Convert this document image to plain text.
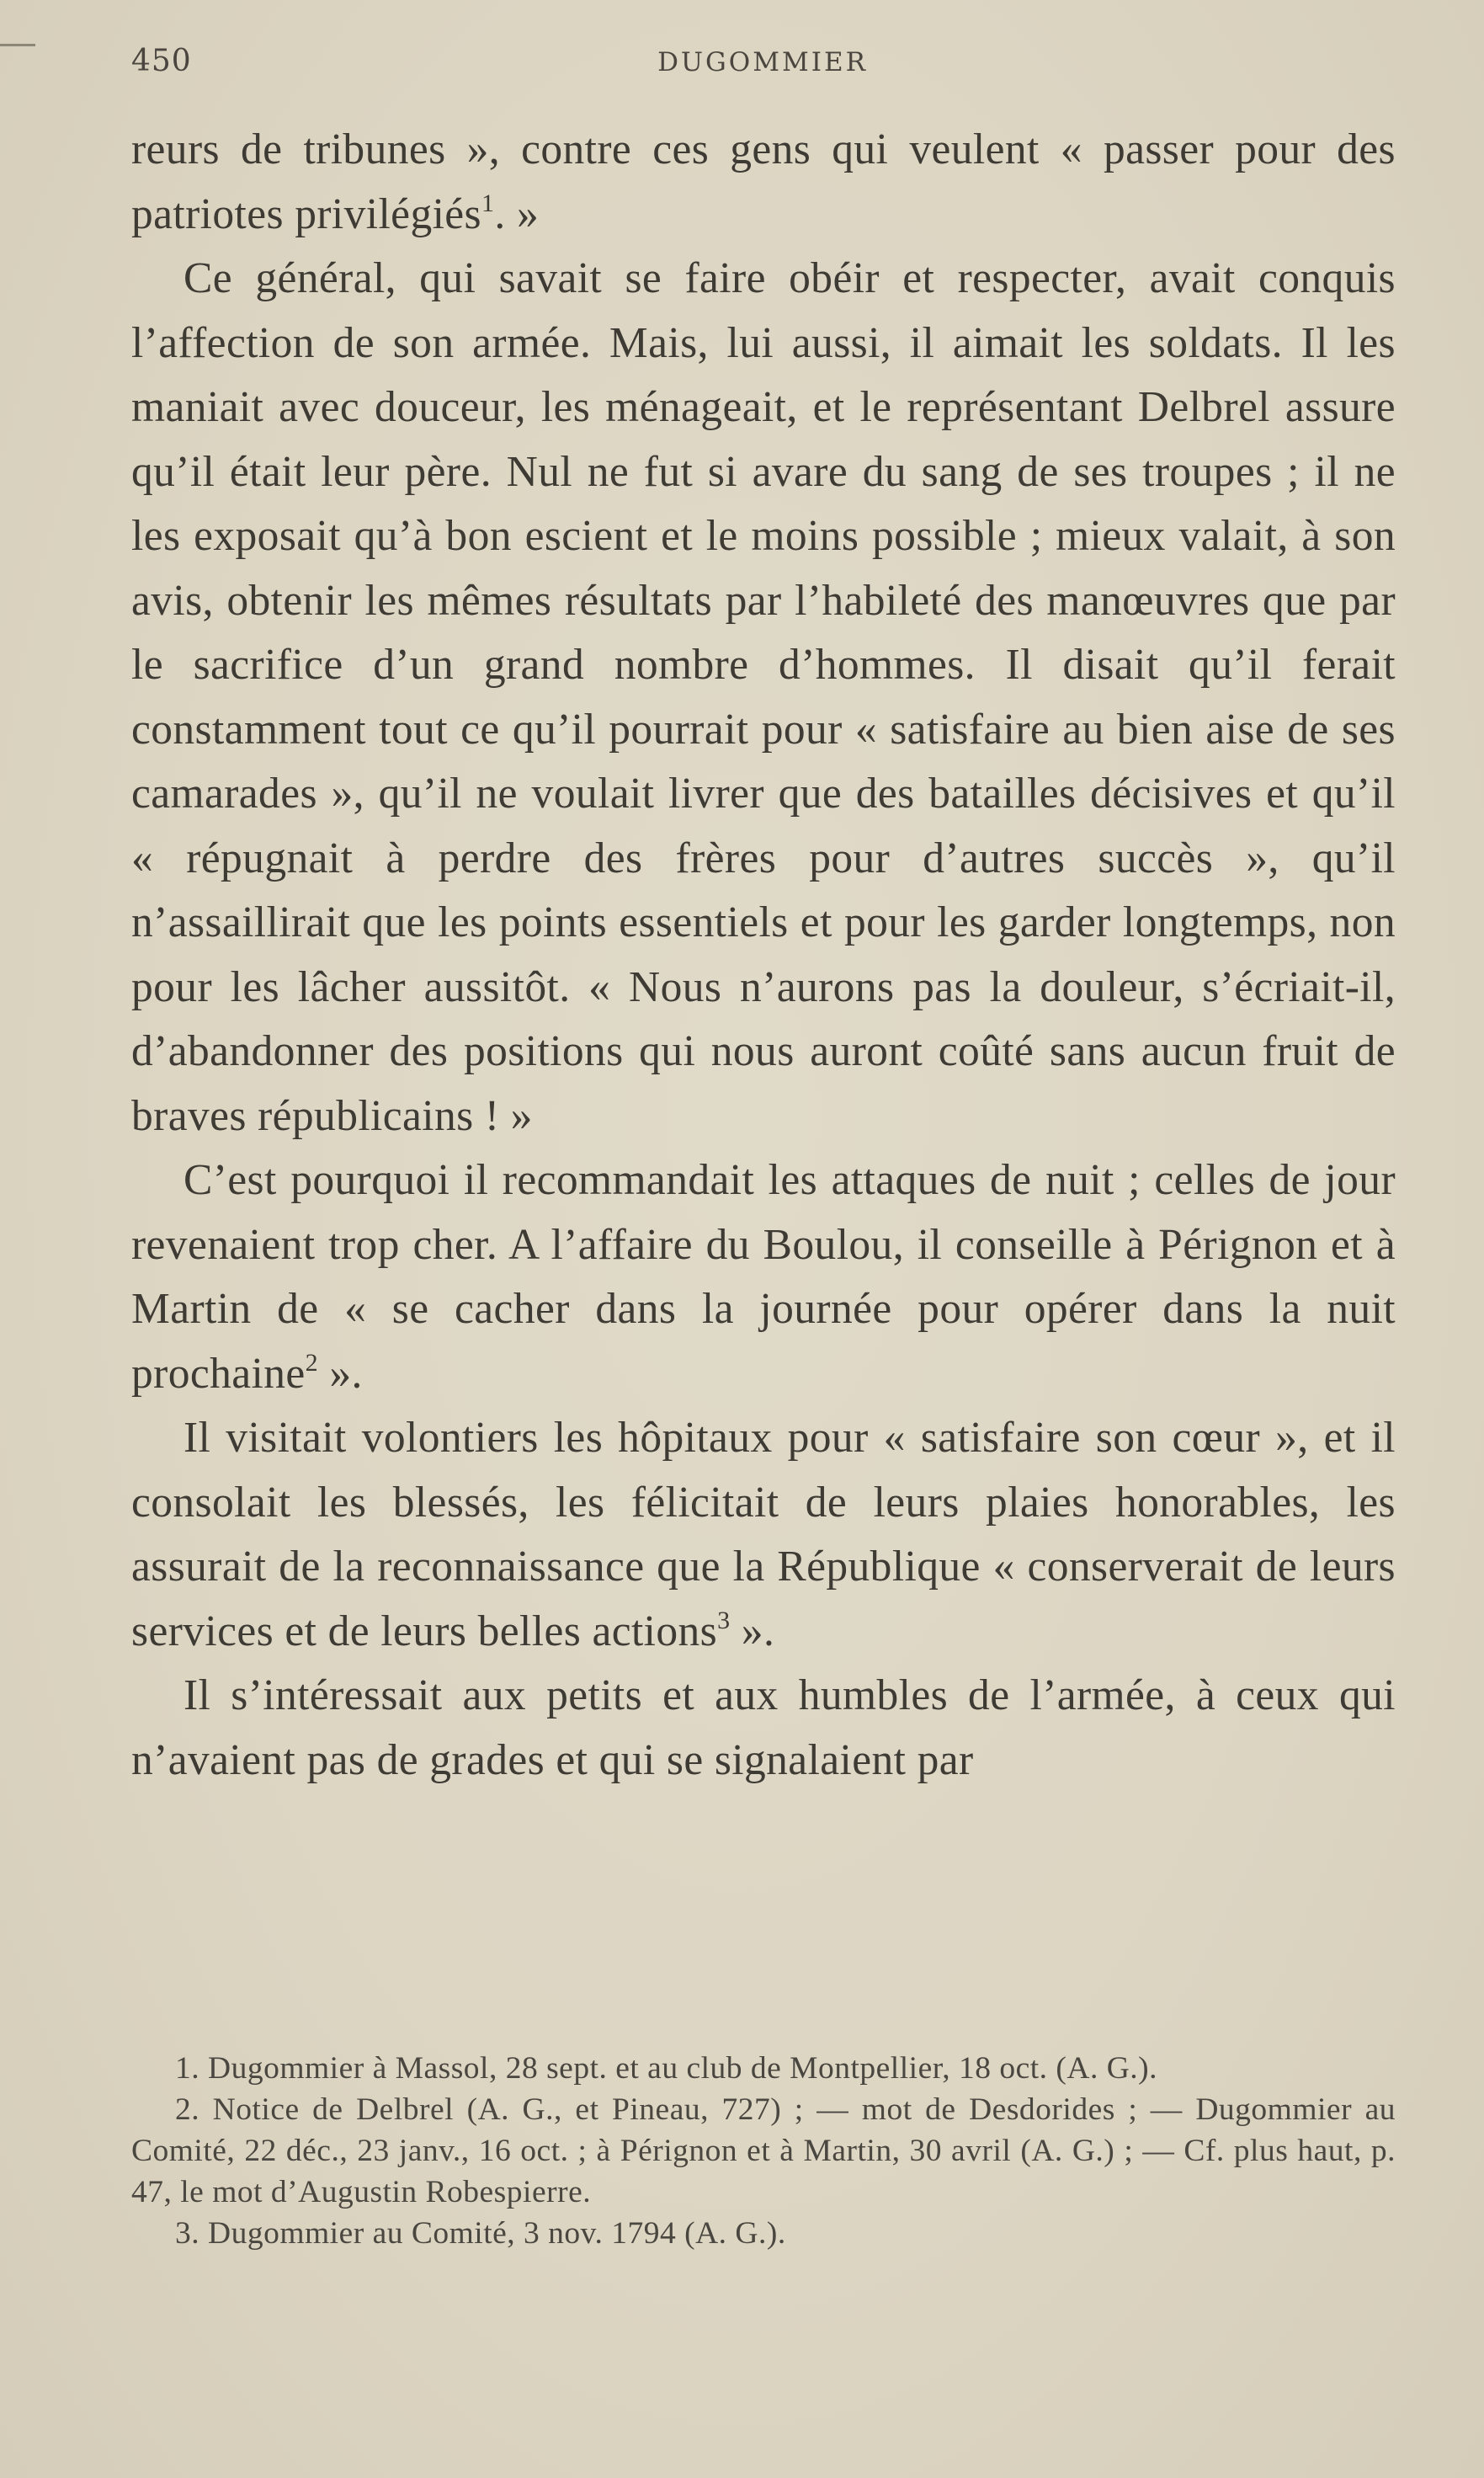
450	DUGOMMIER

reurs de tribunes », contre ces gens qui veulent « passer pour des patriotes privilégiés$^1$. »

Ce général, qui savait se faire obéir et respecter, avait conquis l’affection de son armée. Mais, lui aussi, il aimait les soldats. Il les maniait avec douceur, les ménageait, et le représentant Delbrel assure qu’il était leur père. Nul ne fut si avare du sang de ses troupes ; il ne les exposait qu’à bon escient et le moins possible ; mieux valait, à son avis, obtenir les mêmes résultats par l’habileté des manœuvres que par le sacrifice d’un grand nombre d’hommes. Il disait qu’il ferait constamment tout ce qu’il pourrait pour « satisfaire au bien aise de ses camarades », qu’il ne voulait livrer que des batailles décisives et qu’il « répugnait à perdre des frères pour d’autres succès », qu’il n’assaillirait que les points essentiels et pour les garder longtemps, non pour les lâcher aussitôt. « Nous n’aurons pas la douleur, s’écriait-il, d’abandonner des positions qui nous auront coûté sans aucun fruit de braves républicains ! »

C’est pourquoi il recommandait les attaques de nuit ; celles de jour revenaient trop cher. A l’affaire du Boulou, il conseille à Pérignon et à Martin de « se cacher dans la journée pour opérer dans la nuit prochaine$^2$ ».

Il visitait volontiers les hôpitaux pour « satisfaire son cœur », et il consolait les blessés, les félicitait de leurs plaies honorables, les assurait de la reconnaissance que la République « conserverait de leurs services et de leurs belles actions$^3$ ».

Il s’intéressait aux petits et aux humbles de l’armée, à ceux qui n’avaient pas de grades et qui se signalaient par

1. Dugommier à Massol, 28 sept. et au club de Montpellier, 18 oct. (A. G.).

2. Notice de Delbrel (A. G., et Pineau, 727) ; — mot de Desdorides ; — Dugommier au Comité, 22 déc., 23 janv., 16 oct. ; à Pérignon et à Martin, 30 avril (A. G.) ; — Cf. plus haut, p. 47, le mot d’Augustin Robespierre.

3. Dugommier au Comité, 3 nov. 1794 (A. G.).
